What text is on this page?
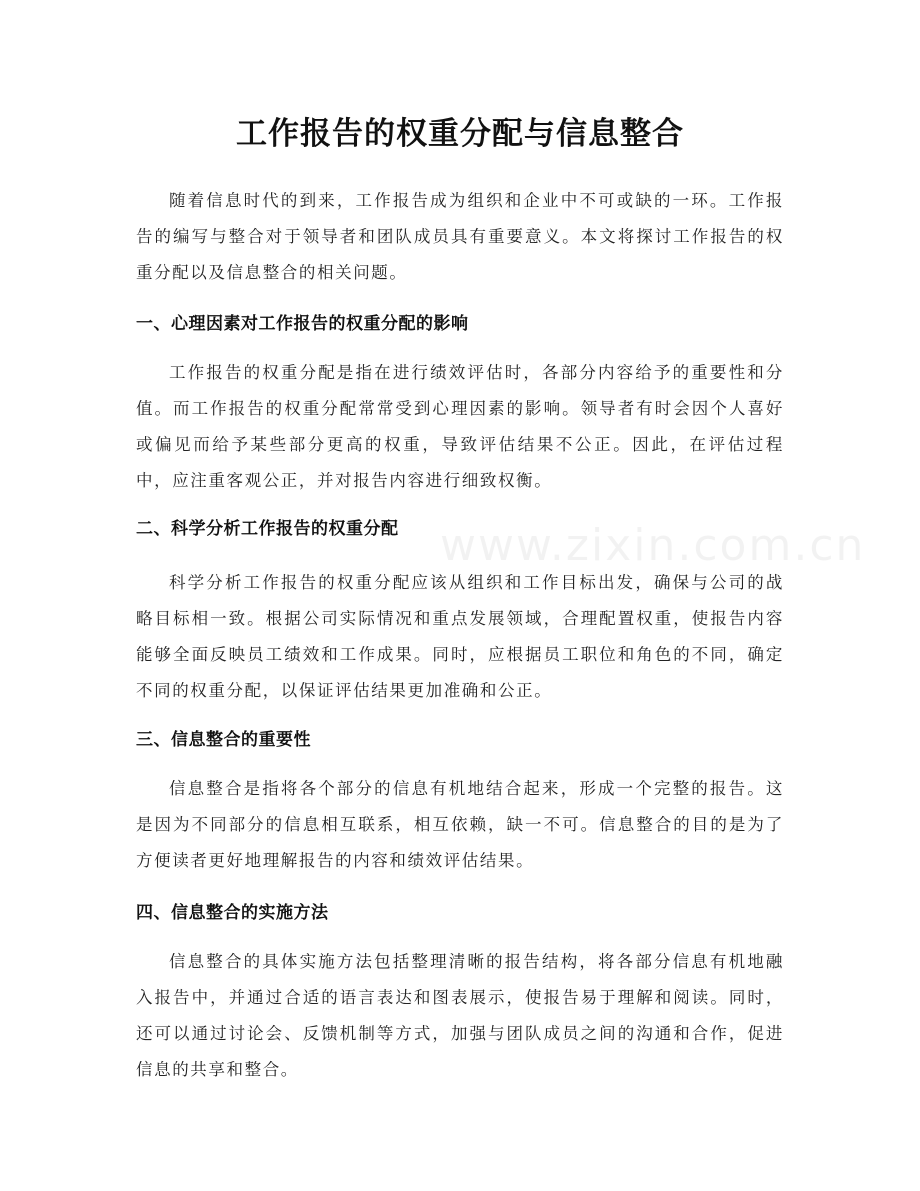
工作报告的权重分配与信息整合

随着信息时代的到来，工作报告成为组织和企业中不可或缺的一环。工作报告的编写与整合对于领导者和团队成员具有重要意义。本文将探讨工作报告的权重分配以及信息整合的相关问题。

一、心理因素对工作报告的权重分配的影响

工作报告的权重分配是指在进行绩效评估时，各部分内容给予的重要性和分值。而工作报告的权重分配常常受到心理因素的影响。领导者有时会因个人喜好或偏见而给予某些部分更高的权重，导致评估结果不公正。因此，在评估过程中，应注重客观公正，并对报告内容进行细致权衡。

二、科学分析工作报告的权重分配

科学分析工作报告的权重分配应该从组织和工作目标出发，确保与公司的战略目标相一致。根据公司实际情况和重点发展领域，合理配置权重，使报告内容能够全面反映员工绩效和工作成果。同时，应根据员工职位和角色的不同，确定不同的权重分配，以保证评估结果更加准确和公正。

三、信息整合的重要性

信息整合是指将各个部分的信息有机地结合起来，形成一个完整的报告。这是因为不同部分的信息相互联系，相互依赖，缺一不可。信息整合的目的是为了方便读者更好地理解报告的内容和绩效评估结果。

四、信息整合的实施方法

信息整合的具体实施方法包括整理清晰的报告结构，将各部分信息有机地融入报告中，并通过合适的语言表达和图表展示，使报告易于理解和阅读。同时，还可以通过讨论会、反馈机制等方式，加强与团队成员之间的沟通和合作，促进信息的共享和整合。

www.zixin.com.cn
